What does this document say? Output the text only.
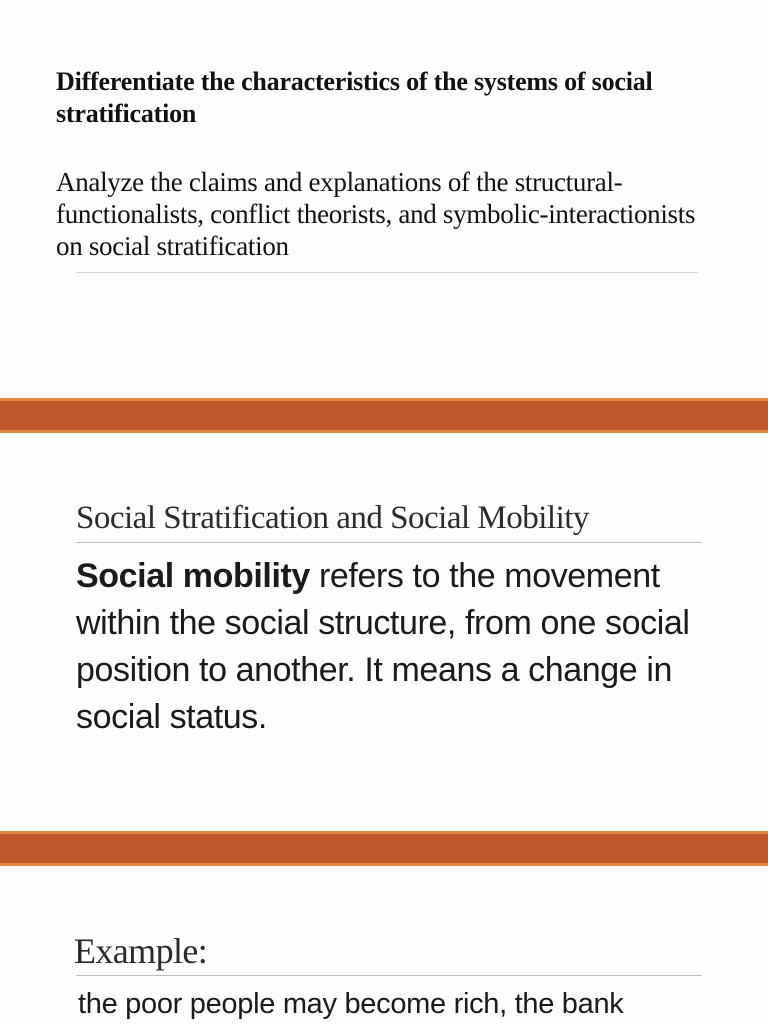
Differentiate the characteristics of the systems of social stratification
Analyze the claims and explanations of the structural-functionalists, conflict theorists, and symbolic-interactionists on social stratification
Social Stratification and Social Mobility
Social mobility refers to the movement within the social structure, from one social position to another. It means a change in social status.
Example:
the poor people may become rich, the bank
